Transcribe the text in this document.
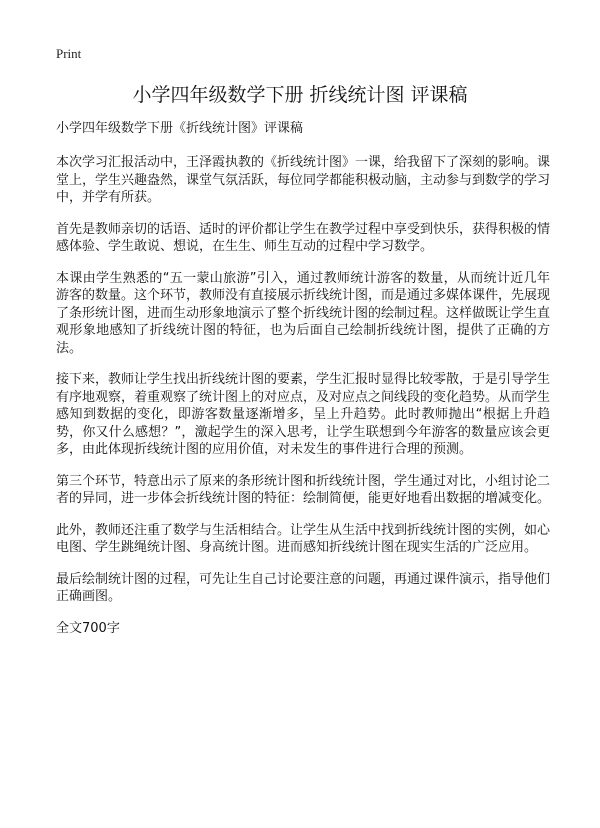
Print
小学四年级数学下册 折线统计图 评课稿

小学四年级数学下册《折线统计图》评课稿

本次学习汇报活动中，王泽霞执教的《折线统计图》一课，给我留下了深刻的影响。课堂上，学生兴趣盎然，课堂气氛活跃，每位同学都能积极动脑，主动参与到数学的学习中，并学有所获。

首先是教师亲切的话语、适时的评价都让学生在教学过程中享受到快乐，获得积极的情感体验、学生敢说、想说，在生生、师生互动的过程中学习数学。

本课由学生熟悉的“五一蒙山旅游”引入，通过教师统计游客的数量，从而统计近几年游客的数量。这个环节，教师没有直接展示折线统计图，而是通过多媒体课件，先展现了条形统计图，进而生动形象地演示了整个折线统计图的绘制过程。这样做既让学生直观形象地感知了折线统计图的特征，也为后面自己绘制折线统计图，提供了正确的方法。

接下来，教师让学生找出折线统计图的要素，学生汇报时显得比较零散，于是引导学生有序地观察，着重观察了统计图上的对应点，及对应点之间线段的变化趋势。从而学生感知到数据的变化，即游客数量逐渐增多，呈上升趋势。此时教师抛出“根据上升趋势，你又什么感想？”，激起学生的深入思考，让学生联想到今年游客的数量应该会更多，由此体现折线统计图的应用价值，对未发生的事件进行合理的预测。

第三个环节，特意出示了原来的条形统计图和折线统计图，学生通过对比，小组讨论二者的异同，进一步体会折线统计图的特征：绘制简便，能更好地看出数据的增减变化。

此外，教师还注重了数学与生活相结合。让学生从生活中找到折线统计图的实例，如心电图、学生跳绳统计图、身高统计图。进而感知折线统计图在现实生活的广泛应用。

最后绘制统计图的过程，可先让生自己讨论要注意的问题，再通过课件演示，指导他们正确画图。

全文700字
